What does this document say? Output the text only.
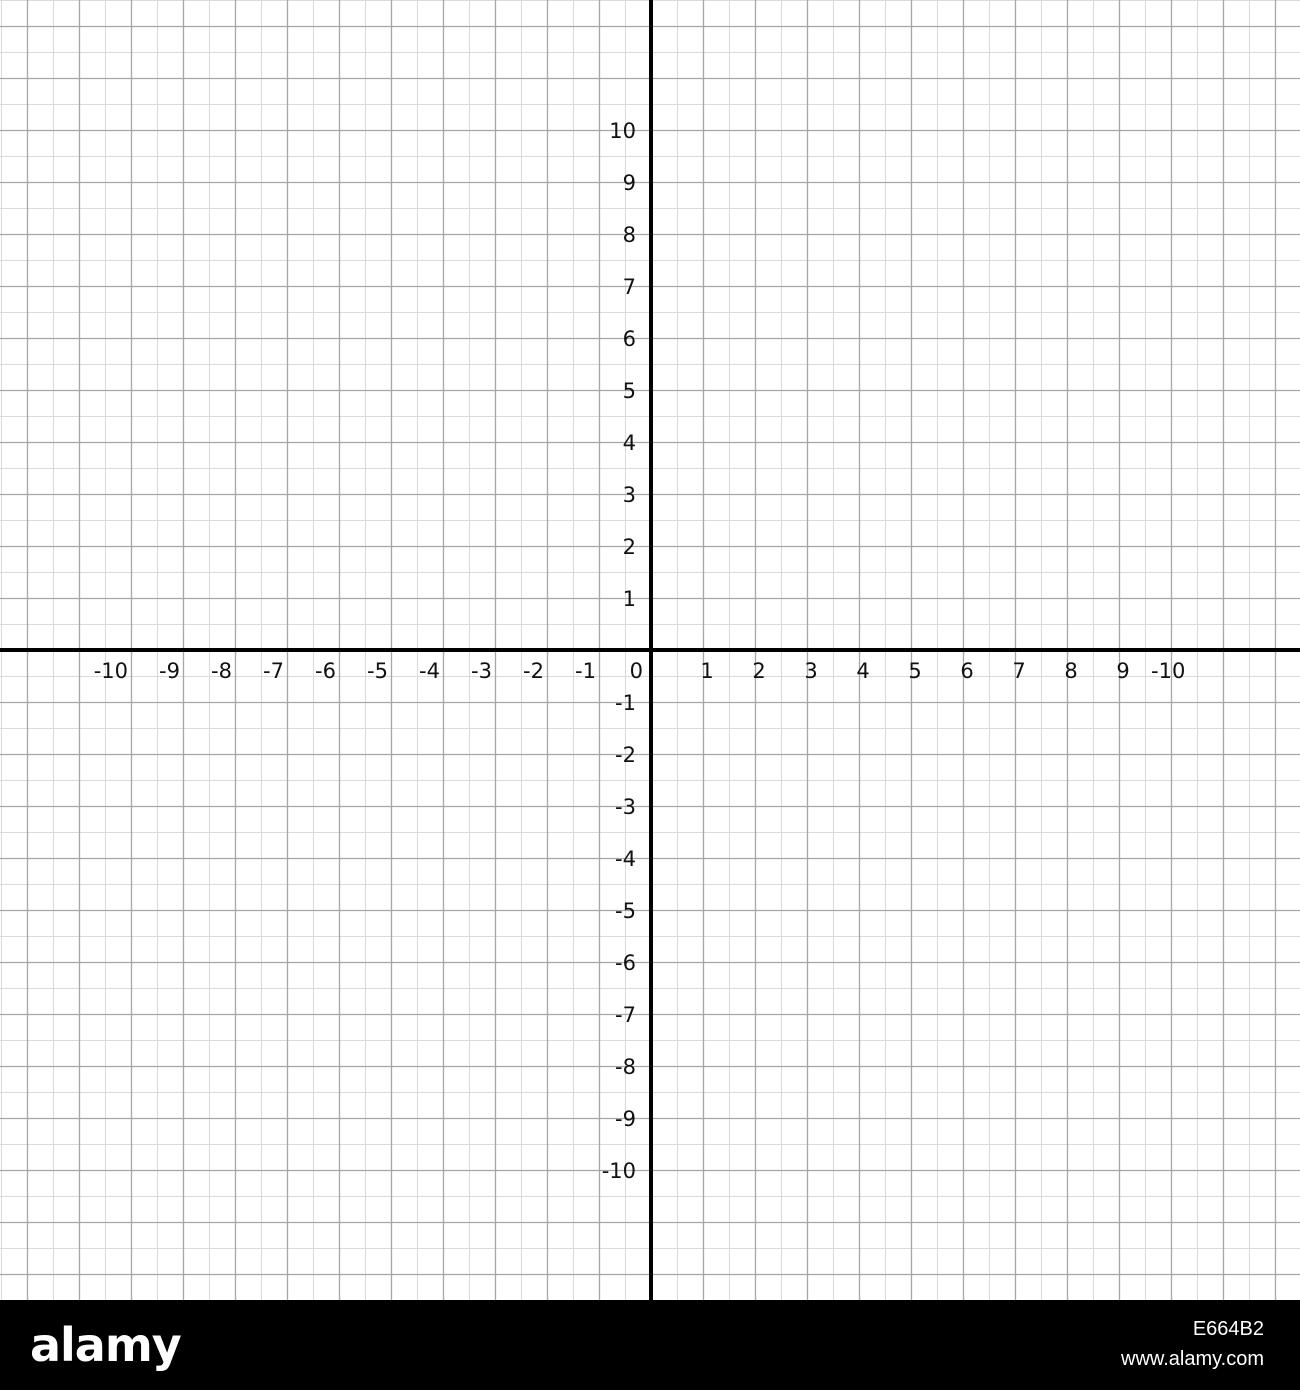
-10 -9 -8 -7 -6 -5 -4 -3 -2 -1 0	1 2 3 4 5 6 7 8 9 -10
10
9
8
7
6
5
4
3
2
1
-1
-2
-3
-4
-5
-6
-7
-8
-9
-10
alamy	E664B2
www.alamy.com
